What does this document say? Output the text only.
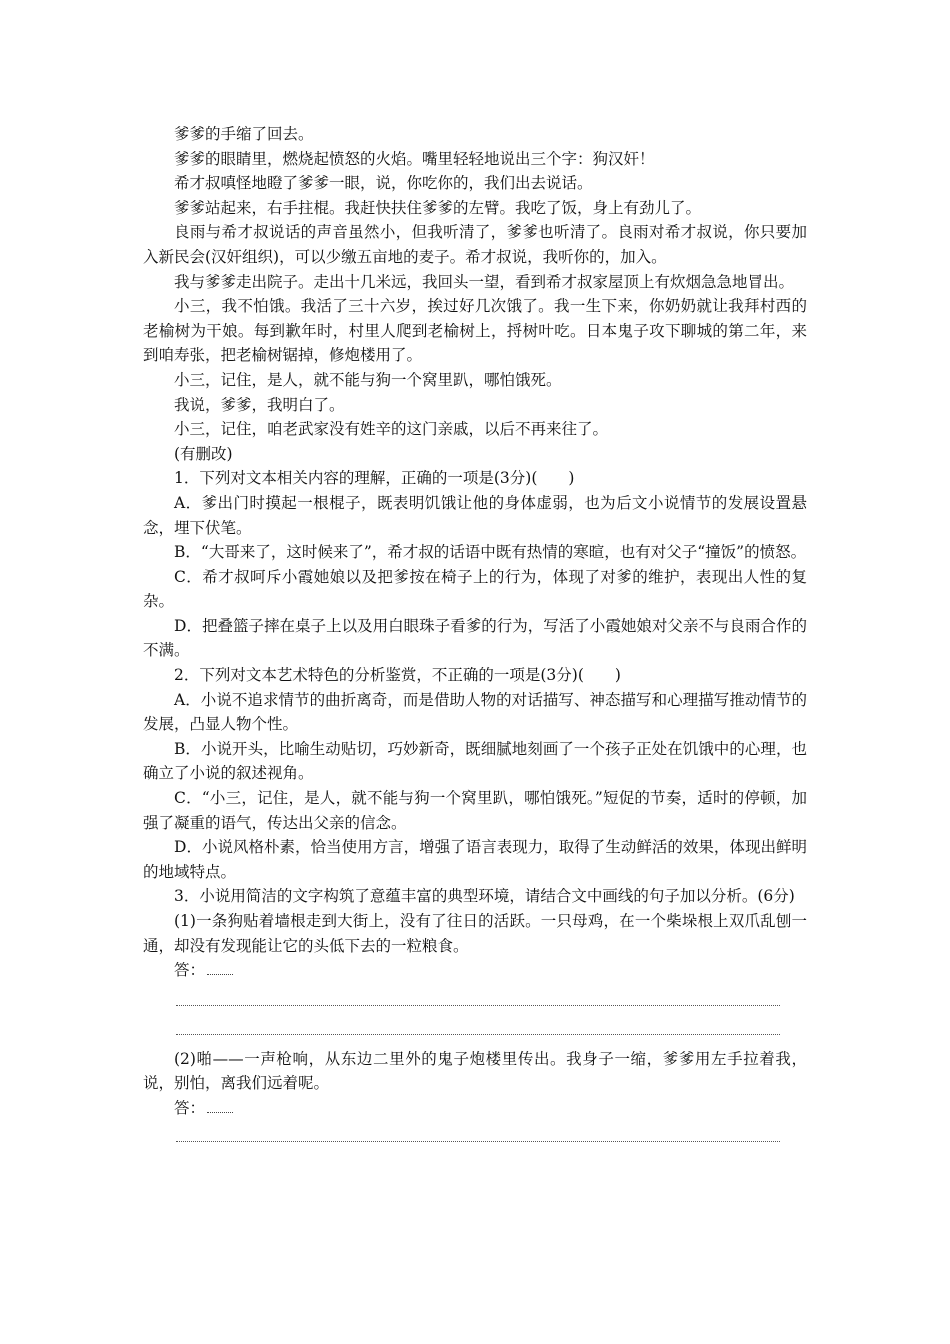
爹爹的手缩了回去。

爹爹的眼睛里，燃烧起愤怒的火焰。嘴里轻轻地说出三个字：狗汉奸！

希才叔嗔怪地瞪了爹爹一眼，说，你吃你的，我们出去说话。

爹爹站起来，右手拄棍。我赶快扶住爹爹的左臂。我吃了饭，身上有劲儿了。

良雨与希才叔说话的声音虽然小，但我听清了，爹爹也听清了。良雨对希才叔说，你只要加入新民会(汉奸组织)，可以少缴五亩地的麦子。希才叔说，我听你的，加入。

我与爹爹走出院子。走出十几米远，我回头一望，看到希才叔家屋顶上有炊烟急急地冒出。

小三，我不怕饿。我活了三十六岁，挨过好几次饿了。我一生下来，你奶奶就让我拜村西的老榆树为干娘。每到歉年时，村里人爬到老榆树上，捋树叶吃。日本鬼子攻下聊城的第二年，来到咱寿张，把老榆树锯掉，修炮楼用了。

小三，记住，是人，就不能与狗一个窝里趴，哪怕饿死。

我说，爹爹，我明白了。

小三，记住，咱老武家没有姓辛的这门亲戚，以后不再来往了。

(有删改)

1．下列对文本相关内容的理解，正确的一项是(3分)(　　)

A．爹出门时摸起一根棍子，既表明饥饿让他的身体虚弱，也为后文小说情节的发展设置悬念，埋下伏笔。

B．“大哥来了，这时候来了”，希才叔的话语中既有热情的寒暄，也有对父子“撞饭”的愤怒。

C．希才叔呵斥小霞她娘以及把爹按在椅子上的行为，体现了对爹的维护，表现出人性的复杂。

D．把叠篮子摔在桌子上以及用白眼珠子看爹的行为，写活了小霞她娘对父亲不与良雨合作的不满。

2．下列对文本艺术特色的分析鉴赏，不正确的一项是(3分)(　　)

A．小说不追求情节的曲折离奇，而是借助人物的对话描写、神态描写和心理描写推动情节的发展，凸显人物个性。

B．小说开头，比喻生动贴切，巧妙新奇，既细腻地刻画了一个孩子正处在饥饿中的心理，也确立了小说的叙述视角。

C．“小三，记住，是人，就不能与狗一个窝里趴，哪怕饿死。”短促的节奏，适时的停顿，加强了凝重的语气，传达出父亲的信念。

D．小说风格朴素，恰当使用方言，增强了语言表现力，取得了生动鲜活的效果，体现出鲜明的地域特点。

3．小说用简洁的文字构筑了意蕴丰富的典型环境，请结合文中画线的句子加以分析。(6分)

(1)一条狗贴着墙根走到大街上，没有了往日的活跃。一只母鸡，在一个柴垛根上双爪乱刨一通，却没有发现能让它的头低下去的一粒粮食。

答：

(2)啪——一声枪响，从东边二里外的鬼子炮楼里传出。我身子一缩，爹爹用左手拉着我，说，别怕，离我们远着呢。

答：
